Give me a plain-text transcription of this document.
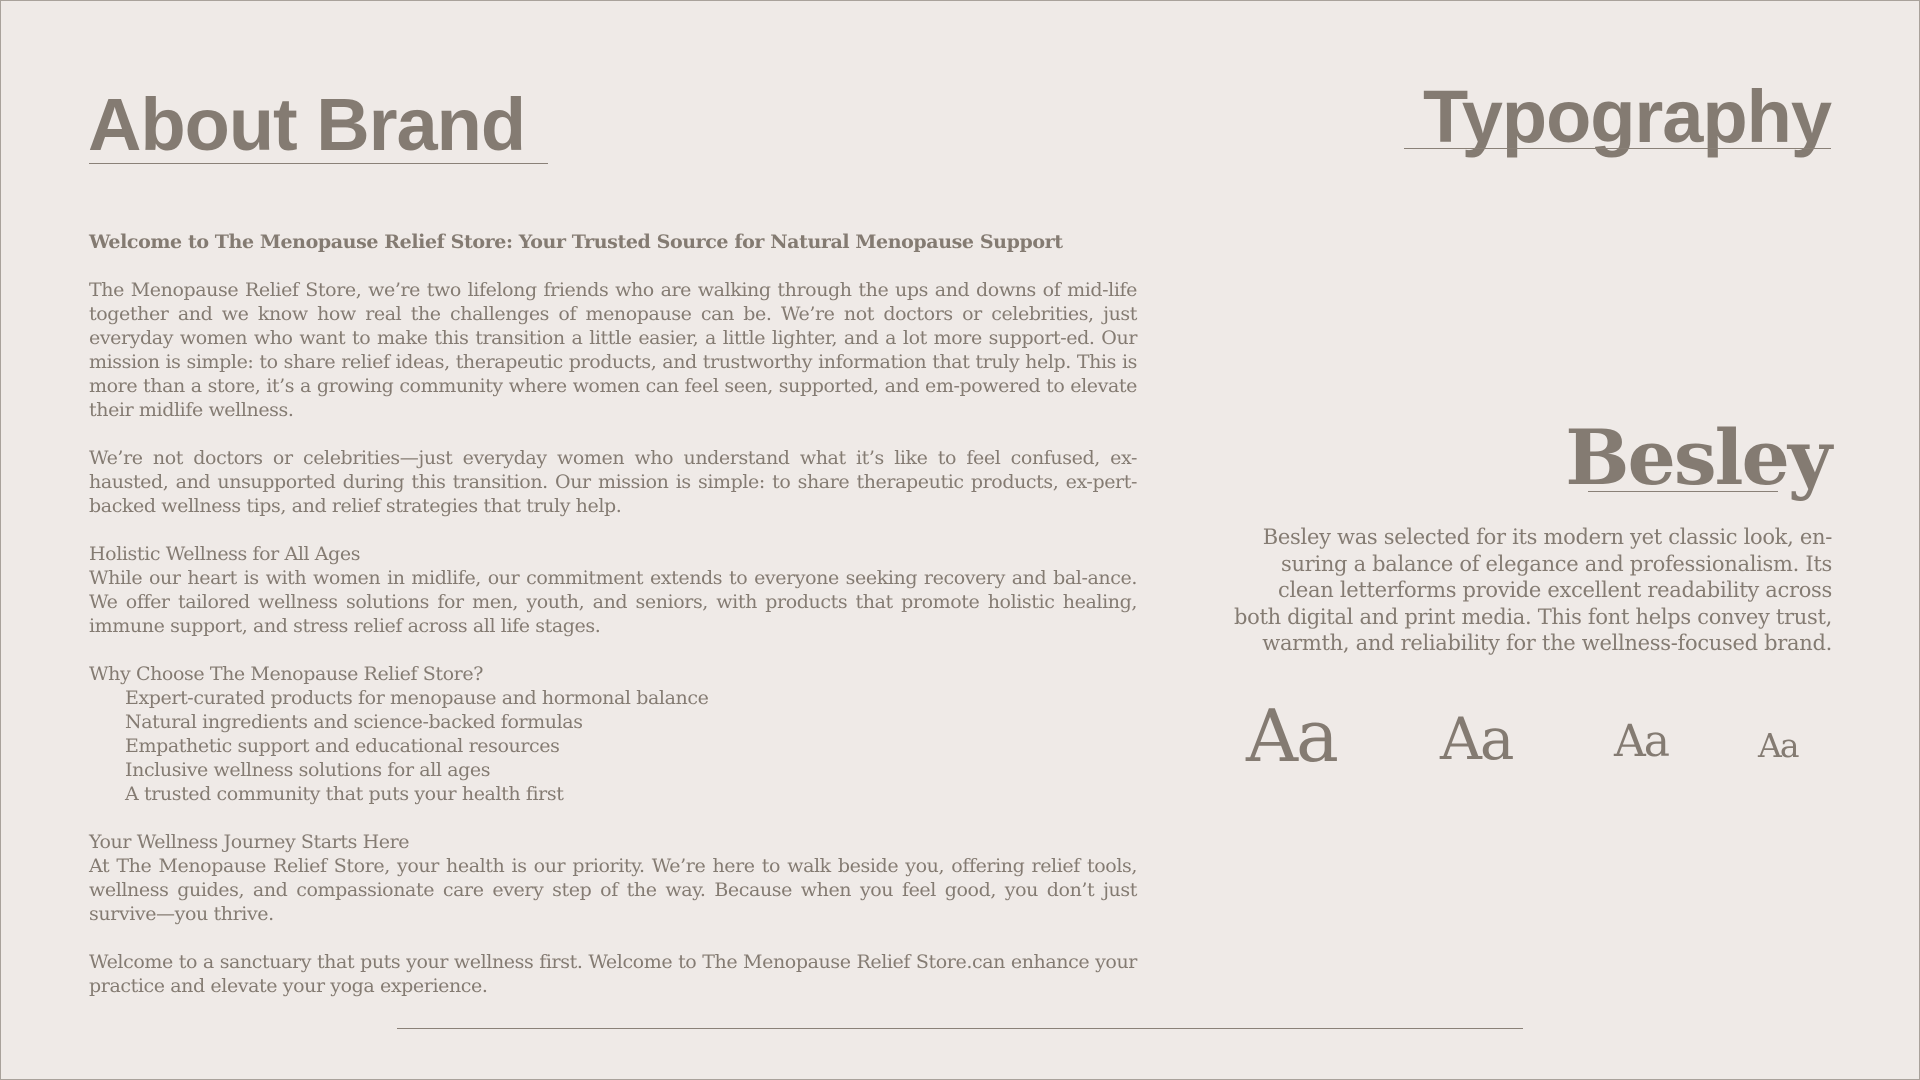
About Brand	Typography
Welcome to The Menopause Relief Store: Your Trusted Source for Natural Menopause Support

The Menopause Relief Store, we’re two lifelong friends who are walking through the ups and downs of mid-life together and we know how real the challenges of menopause can be. We’re not doctors or celebrities, just everyday women who want to make this transition a little easier, a little lighter, and a lot more support-ed. Our mission is simple: to share relief ideas, therapeutic products, and trustworthy information that truly help. This is more than a store, it’s a growing community where women can feel seen, supported, and em-powered to elevate their midlife wellness.

We’re not doctors or celebrities—just everyday women who understand what it’s like to feel confused, ex-hausted, and unsupported during this transition. Our mission is simple: to share therapeutic products, ex-pert-backed wellness tips, and relief strategies that truly help.

Holistic Wellness for All Ages

While our heart is with women in midlife, our commitment extends to everyone seeking recovery and bal-ance. We offer tailored wellness solutions for men, youth, and seniors, with products that promote holistic healing, immune support, and stress relief across all life stages.

Why Choose The Menopause Relief Store?
Expert-curated products for menopause and hormonal balance
Natural ingredients and science-backed formulas
Empathetic support and educational resources
Inclusive wellness solutions for all ages
A trusted community that puts your health first
Your Wellness Journey Starts Here

At The Menopause Relief Store, your health is our priority. We’re here to walk beside you, offering relief tools, wellness guides, and compassionate care every step of the way. Because when you feel good, you don’t just survive—you thrive.

Welcome to a sanctuary that puts your wellness first. Welcome to The Menopause Relief Store.can enhance your practice and elevate your yoga experience.

Besley

Besley was selected for its modern yet classic look, en-suring a balance of elegance and professionalism. Its clean letterforms provide excellent readability across both digital and print media. This font helps convey trust, warmth, and reliability for the wellness-focused brand.

Aa Aa Aa	Aa
